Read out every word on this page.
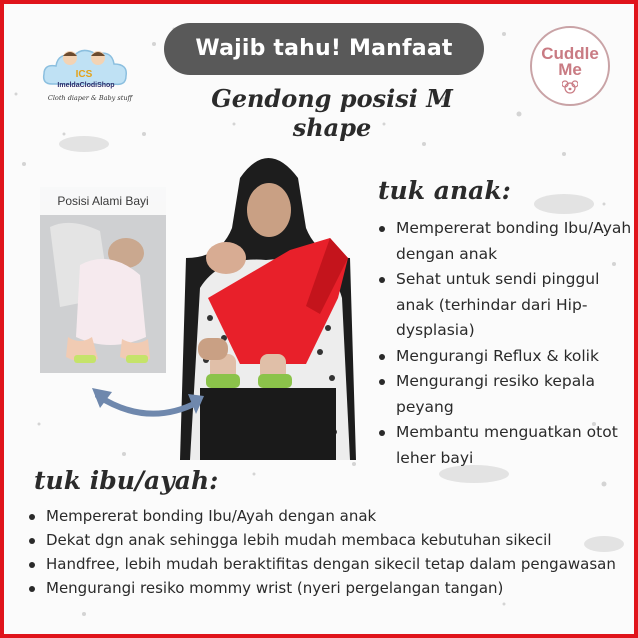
ICS
ImeldaClodiShop
Cloth diaper & Baby stuff
Wajib tahu! Manfaat
Gendong posisi M shape
Cuddle
Me
Posisi Alami Bayi	tuk anak:
Mempererat bonding Ibu/Ayah dengan anak
Sehat untuk sendi pinggul anak (terhindar dari Hip-dysplasia)
Mengurangi Reflux & kolik
Mengurangi resiko kepala peyang
Membantu menguatkan otot leher bayi
tuk ibu/ayah:
Mempererat bonding Ibu/Ayah dengan anak
Dekat dgn anak sehingga lebih mudah membaca kebutuhan sikecil
Handfree, lebih mudah beraktifitas dengan sikecil tetap dalam pengawasan
Mengurangi resiko mommy wrist (nyeri pergelangan tangan)
